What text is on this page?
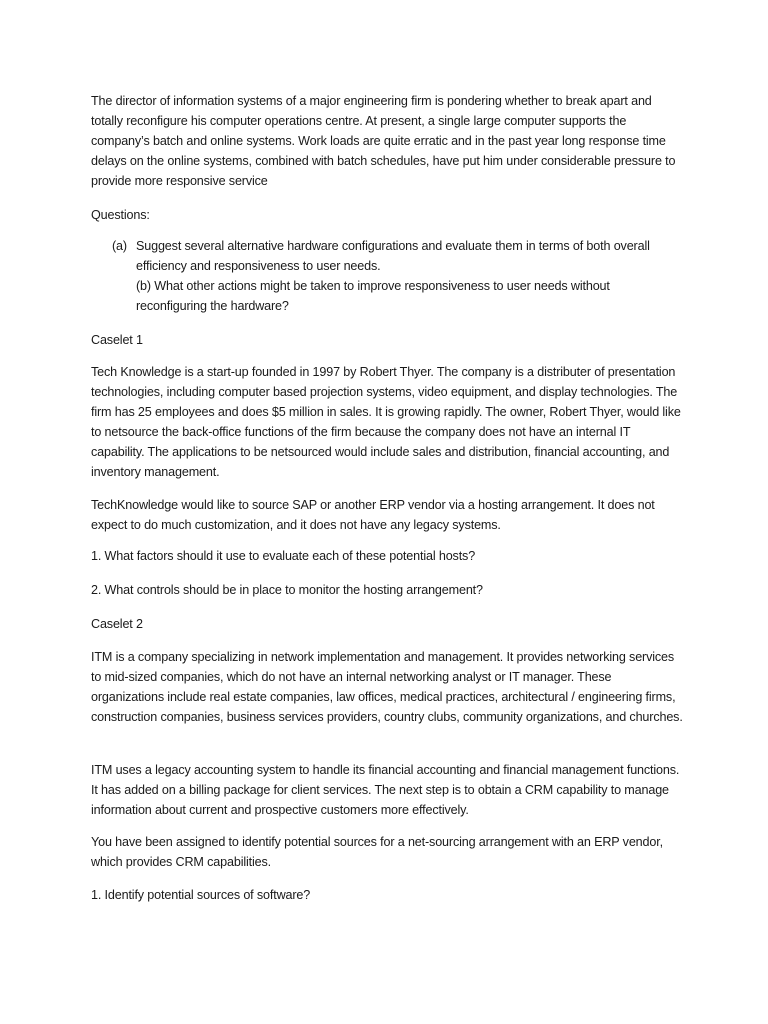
The director of information systems of a major engineering firm is pondering whether to break apart and totally reconfigure his computer operations centre. At present, a single large computer supports the company’s batch and online systems. Work loads are quite erratic and in the past year long response time delays on the online systems, combined with batch schedules, have put him under considerable pressure to provide more responsive service

Questions:

(a) Suggest several alternative hardware configurations and evaluate them in terms of both overall efficiency and responsiveness to user needs.
(b) What other actions might be taken to improve responsiveness to user needs without reconfiguring the hardware?

Caselet 1

Tech Knowledge is a start-up founded in 1997 by Robert Thyer. The company is a distributer of presentation technologies, including computer based projection systems, video equipment, and display technologies. The firm has 25 employees and does $5 million in sales. It is growing rapidly. The owner, Robert Thyer, would like to netsource the back-office functions of the firm because the company does not have an internal IT capability. The applications to be netsourced would include sales and distribution, financial accounting, and inventory management.

TechKnowledge would like to source SAP or another ERP vendor via a hosting arrangement. It does not expect to do much customization, and it does not have any legacy systems.

1. What factors should it use to evaluate each of these potential hosts?

2. What controls should be in place to monitor the hosting arrangement?

Caselet 2

ITM is a company specializing in network implementation and management. It provides networking services to mid-sized companies, which do not have an internal networking analyst or IT manager. These organizations include real estate companies, law offices, medical practices, architectural / engineering firms, construction companies, business services providers, country clubs, community organizations, and churches.

ITM uses a legacy accounting system to handle its financial accounting and financial management functions. It has added on a billing package for client services. The next step is to obtain a CRM capability to manage information about current and prospective customers more effectively.

You have been assigned to identify potential sources for a net-sourcing arrangement with an ERP vendor, which provides CRM capabilities.

1. Identify potential sources of software?
